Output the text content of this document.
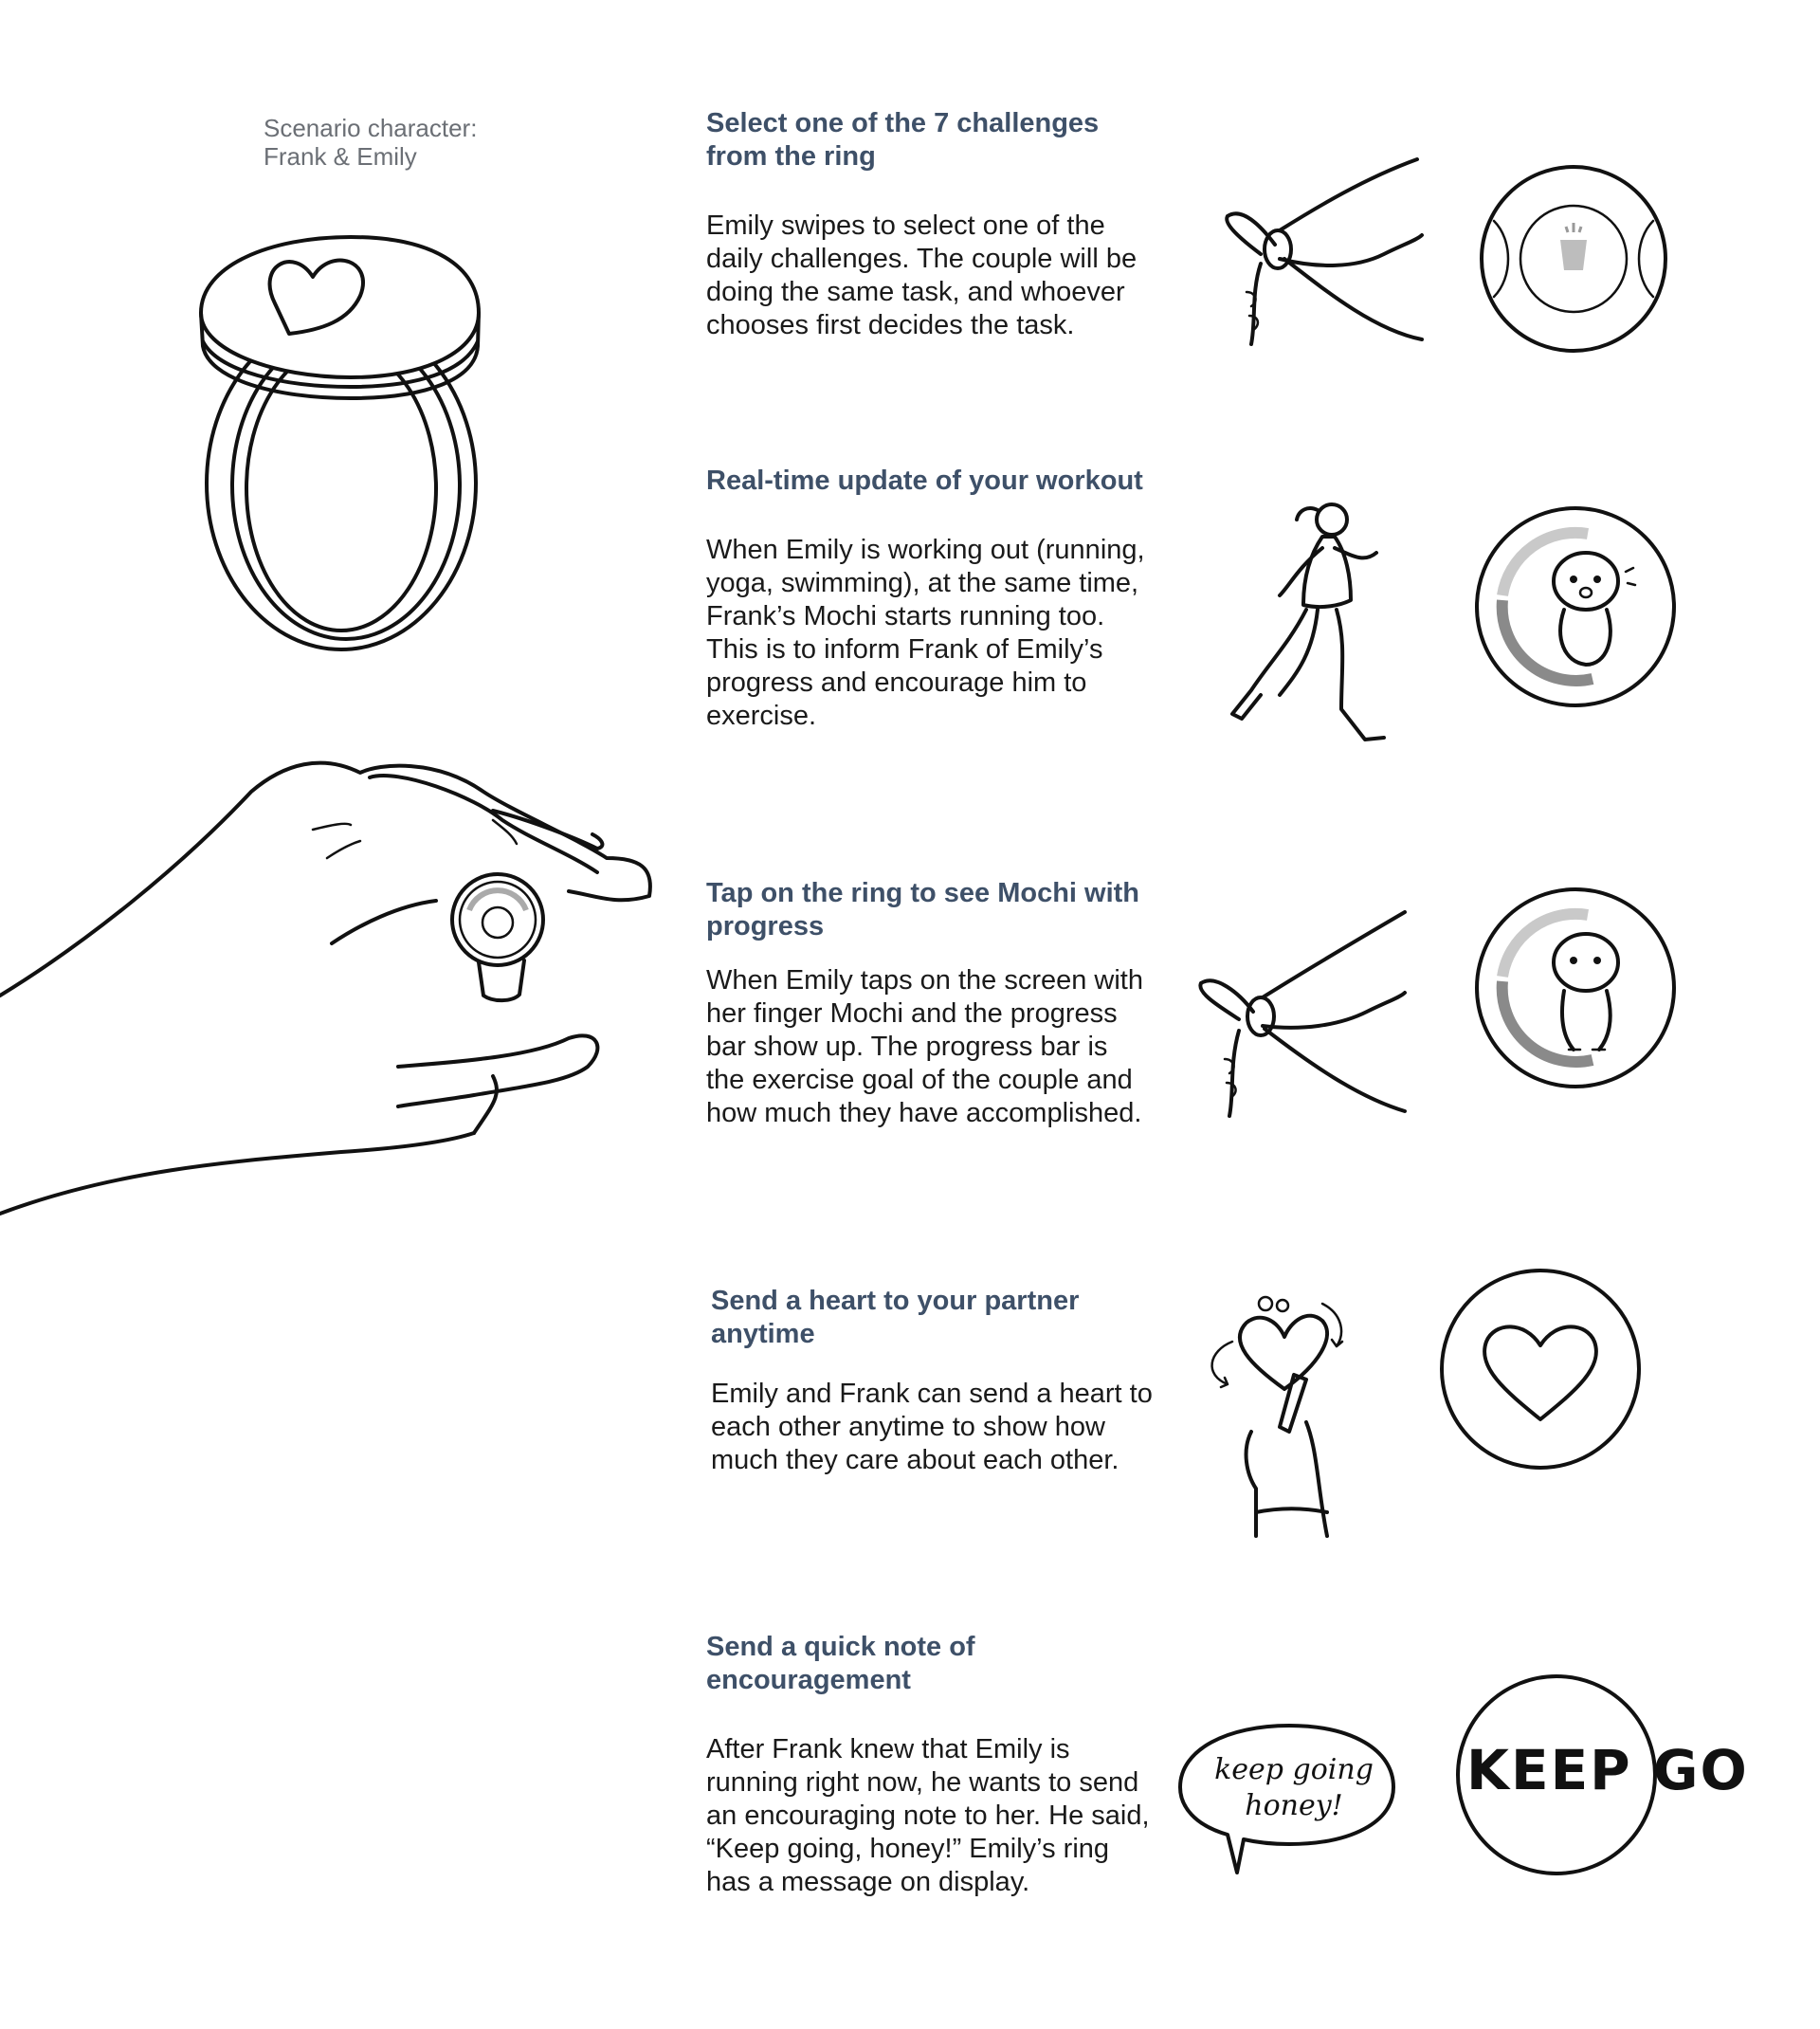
Scenario character:
Frank & Emily
Select one of the 7 challenges from the ring

Emily swipes to select one of the daily challenges. The couple will be doing the same task, and whoever chooses first decides the task.

Real-time update of your workout

When Emily is working out (running, yoga, swimming), at the same time, Frank’s Mochi starts running too. This is to inform Frank of Emily’s progress and encourage him to exercise.

Tap on the ring to see Mochi with progress

When Emily taps on the screen with her finger Mochi and the progress bar show up. The progress bar is the exercise goal of the couple and how much they have accomplished.

Send a heart to your partner anytime

Emily and Frank can send a heart to each other anytime to show how much they care about each other.

Send a quick note of encouragement

After Frank knew that Emily is running right now, he wants to send an encouraging note to her. He said, “Keep going, honey!” Emily’s ring has a message on display.

keep going
honey!
KEEP GO
